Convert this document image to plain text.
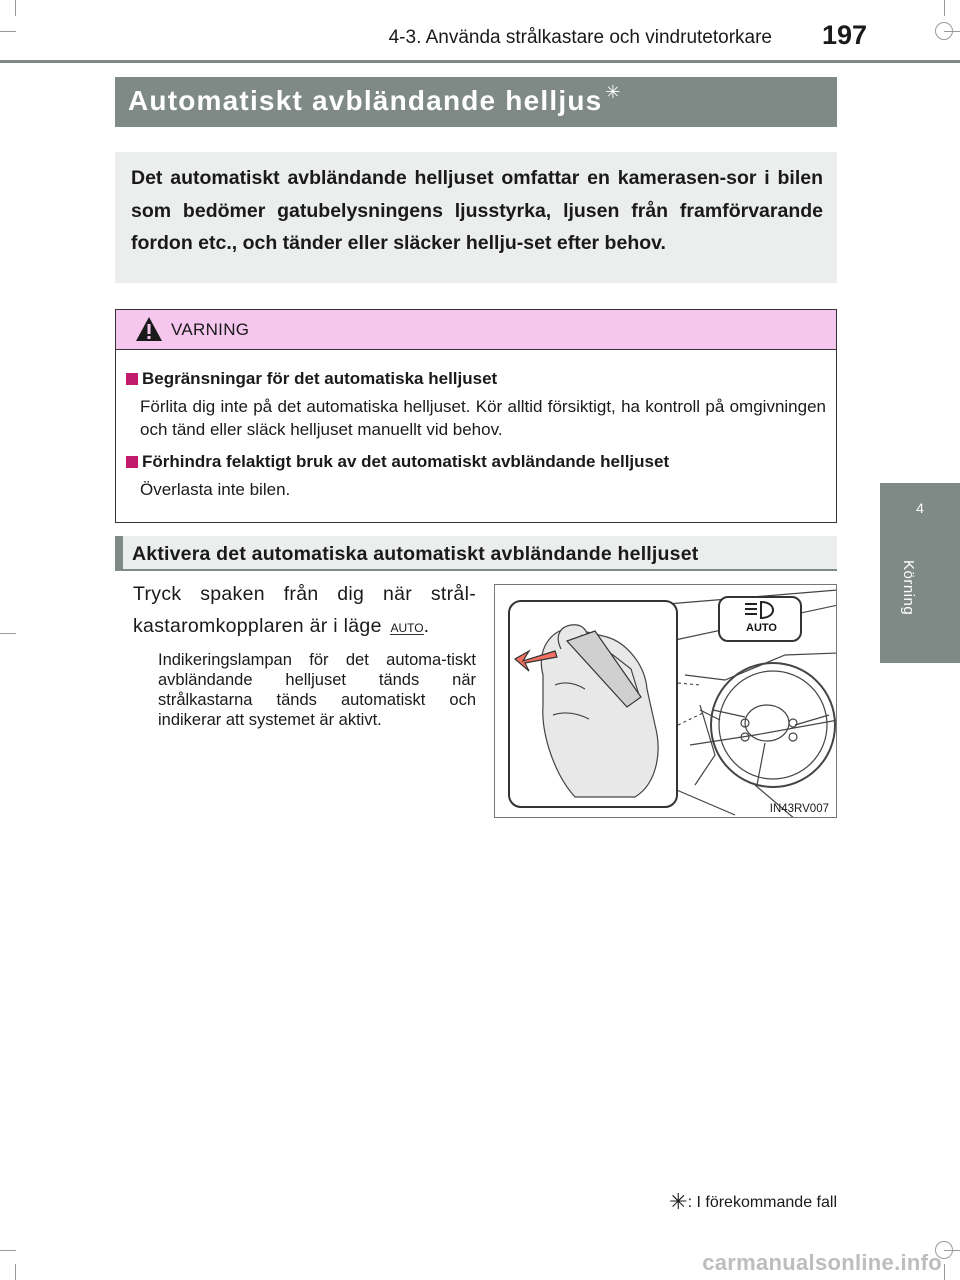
4-3. Använda strålkastare och vindrutetorkare 197
4
Körning
Automatiskt avbländande helljus ✳

Det automatiskt avbländande helljuset omfattar en kamerasen-sor i bilen som bedömer gatubelysningens ljusstyrka, ljusen från framförvarande fordon etc., och tänder eller släcker hellju-set efter behov.

VARNING
Begränsningar för det automatiska helljuset
Förlita dig inte på det automatiska helljuset. Kör alltid försiktigt, ha kontroll på omgivningen och tänd eller släck helljuset manuellt vid behov.
Förhindra felaktigt bruk av det automatiskt avbländande helljuset
Överlasta inte bilen.
Aktivera det automatiska automatiskt avbländande helljuset

Tryck spaken från dig när strål-kastaromkopplaren är i läge AUTO.

Indikeringslampan för det automa-tiskt avbländande helljuset tänds när strålkastarna tänds automatiskt och indikerar att systemet är aktivt.

AUTO
IN43RV007
✳: I förekommande fall
carmanualsonline.info
